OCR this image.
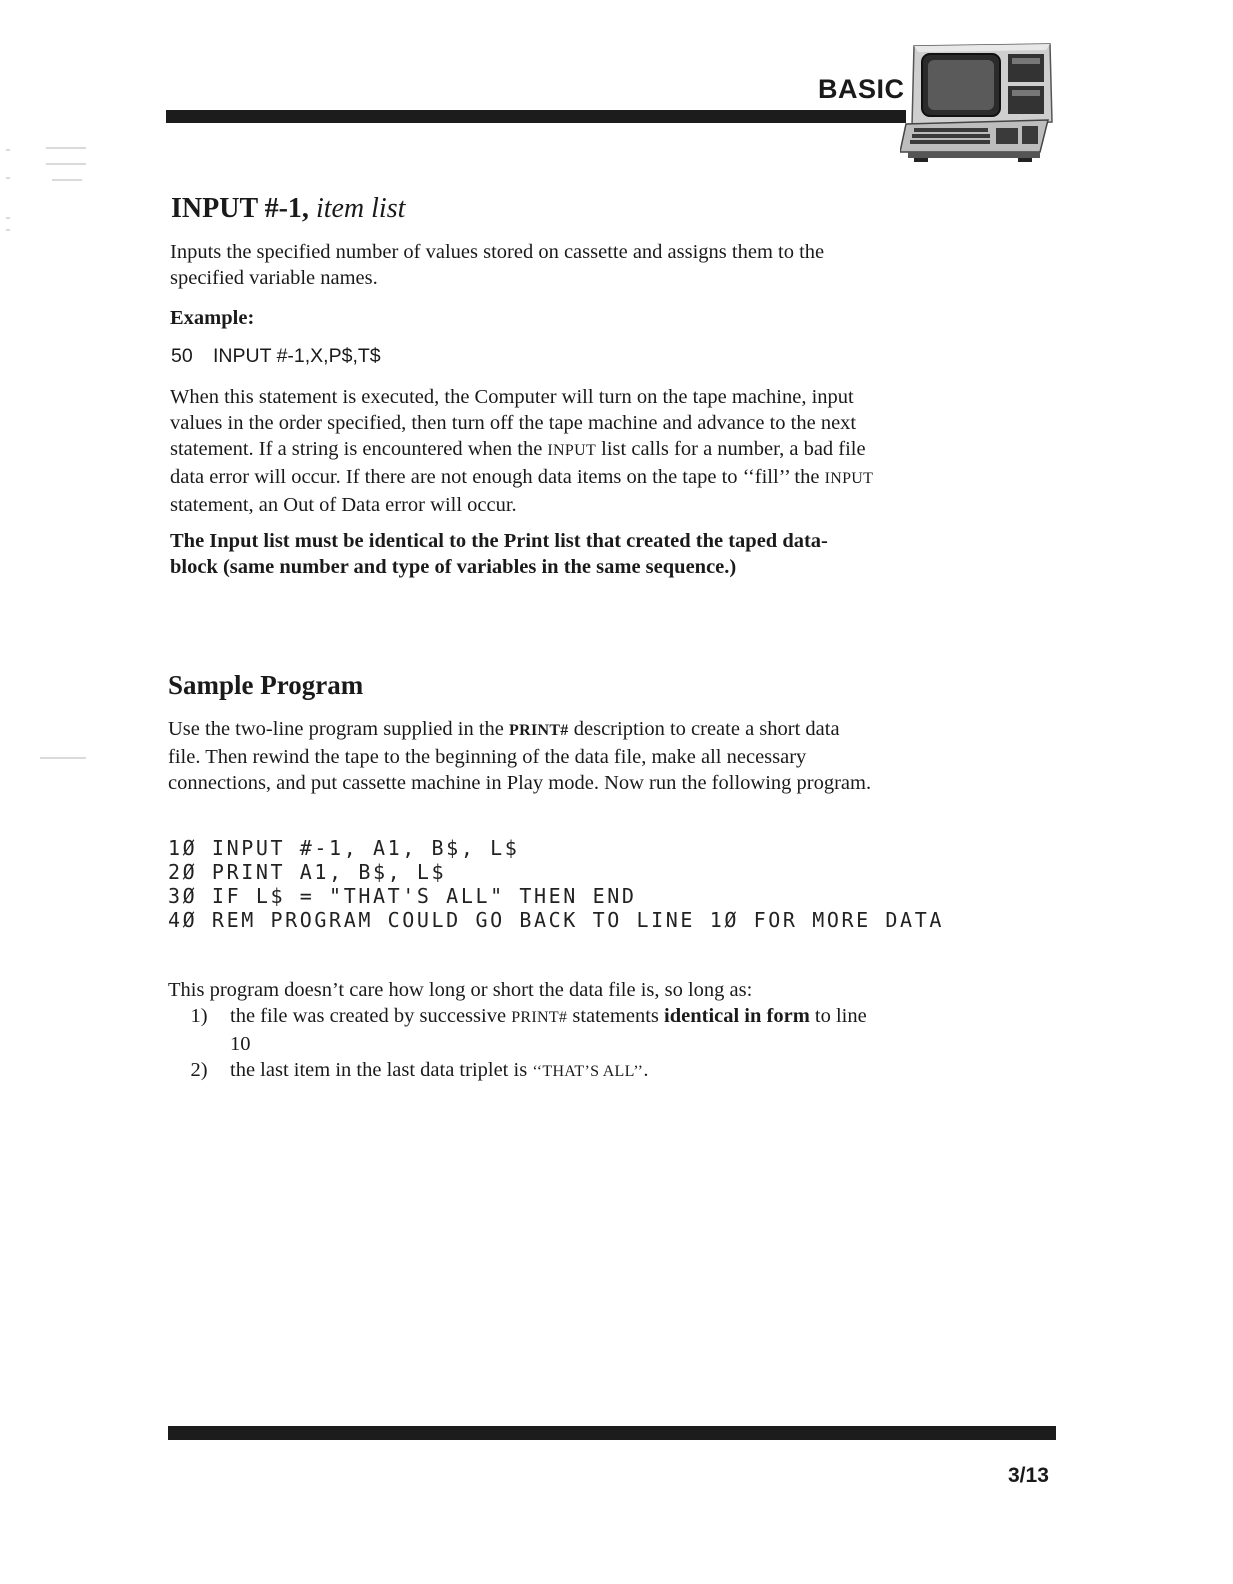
BASIC
INPUT #-1, item list

Inputs the specified number of values stored on cassette and assigns them to the specified variable names.

Example:

50 INPUT #-1,X,P$,T$

When this statement is executed, the Computer will turn on the tape machine, input values in the order specified, then turn off the tape machine and advance to the next statement. If a string is encountered when the INPUT list calls for a number, a bad file data error will occur. If there are not enough data items on the tape to ‘‘fill’’ the INPUT statement, an Out of Data error will occur.

The Input list must be identical to the Print list that created the taped data-block (same number and type of variables in the same sequence.)

Sample Program

Use the two-line program supplied in the PRINT# description to create a short data file. Then rewind the tape to the beginning of the data file, make all necessary connections, and put cassette machine in Play mode. Now run the following program.

1Ø INPUT #-1, A1, B$, L$
2Ø PRINT A1, B$, L$
3Ø IF L$ = "THAT'S ALL" THEN END
4Ø REM PROGRAM COULD GO BACK TO LINE 1Ø FOR MORE DATA
This program doesn’t care how long or short the data file is, so long as:
1)	the file was created by successive PRINT# statements identical in form to line 10
2)	the last item in the last data triplet is ‘‘THAT’S ALL’’.
3/13
